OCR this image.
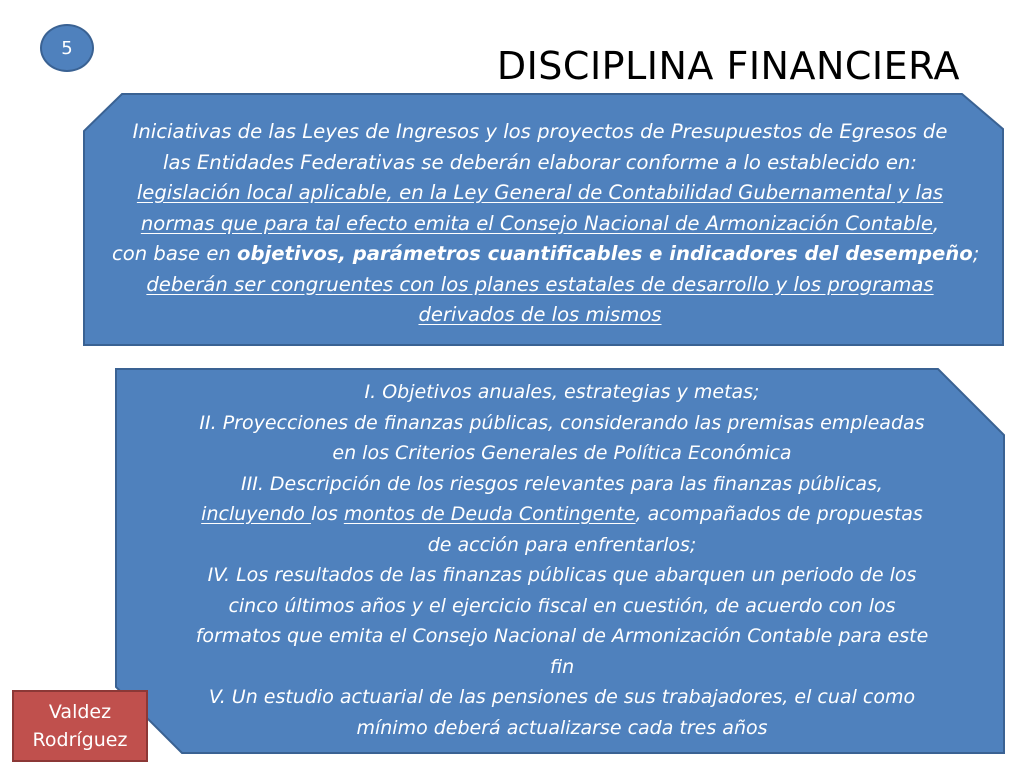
5	DISCIPLINA FINANCIERA
Iniciativas de las Leyes de Ingresos y los proyectos de Presupuestos de Egresos de
las Entidades Federativas se deberán elaborar conforme a lo establecido en:
legislación local aplicable, en la Ley General de Contabilidad Gubernamental y las
normas que para tal efecto emita el Consejo Nacional de Armonización Contable,
con base en objetivos, parámetros cuantificables e indicadores del desempeño;
deberán ser congruentes con los planes estatales de desarrollo y los programas
derivados de los mismos
I. Objetivos anuales, estrategias y metas;
II. Proyecciones de finanzas públicas, considerando las premisas empleadas
en los Criterios Generales de Política Económica
III. Descripción de los riesgos relevantes para las finanzas públicas,
incluyendo los montos de Deuda Contingente, acompañados de propuestas
de acción para enfrentarlos;
IV. Los resultados de las finanzas públicas que abarquen un periodo de los
cinco últimos años y el ejercicio fiscal en cuestión, de acuerdo con los
formatos que emita el Consejo Nacional de Armonización Contable para este
fin
V. Un estudio actuarial de las pensiones de sus trabajadores, el cual como
mínimo deberá actualizarse cada tres años
Valdez
Rodríguez
